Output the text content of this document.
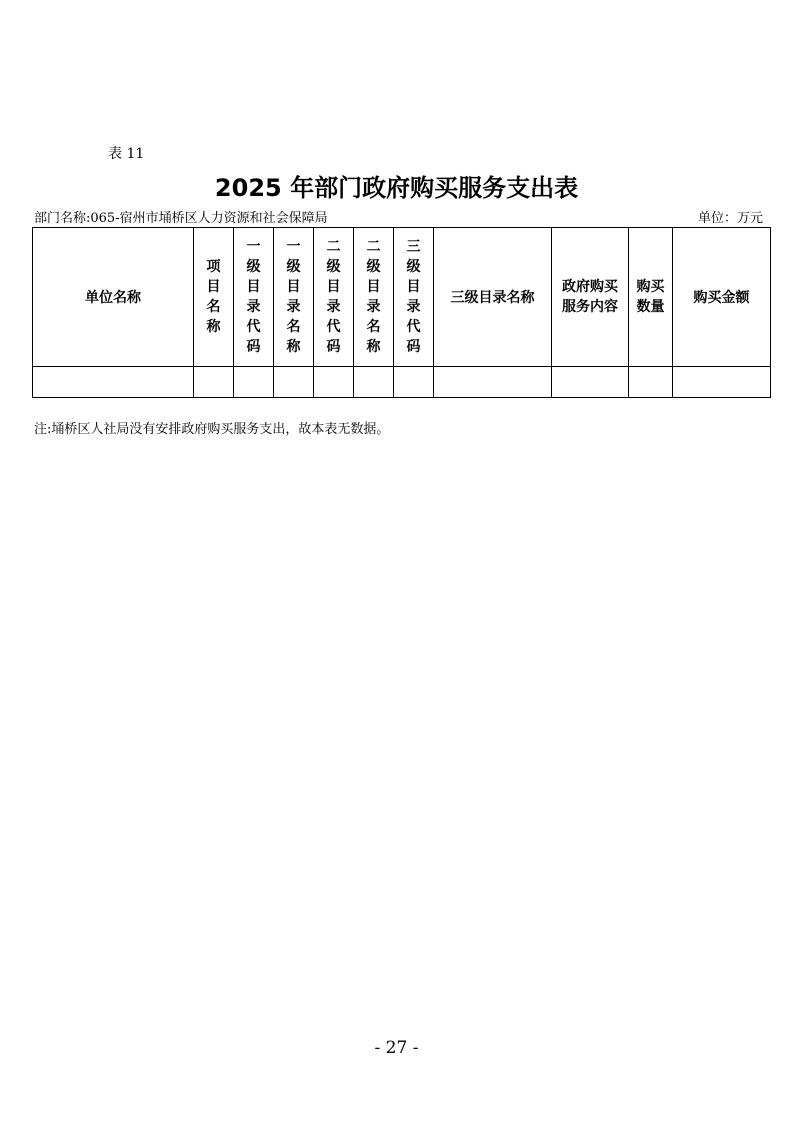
表 11
2025 年部门政府购买服务支出表
部门名称:065-宿州市埇桥区人力资源和社会保障局	单位：万元
单位名称	项目名称	一级目录代码	一级目录名称	二级目录代码	二级目录名称	三级目录代码	三级目录名称	政府购买服务内容	购买数量	购买金额

注:埇桥区人社局没有安排政府购买服务支出，故本表无数据。
- 27 -
